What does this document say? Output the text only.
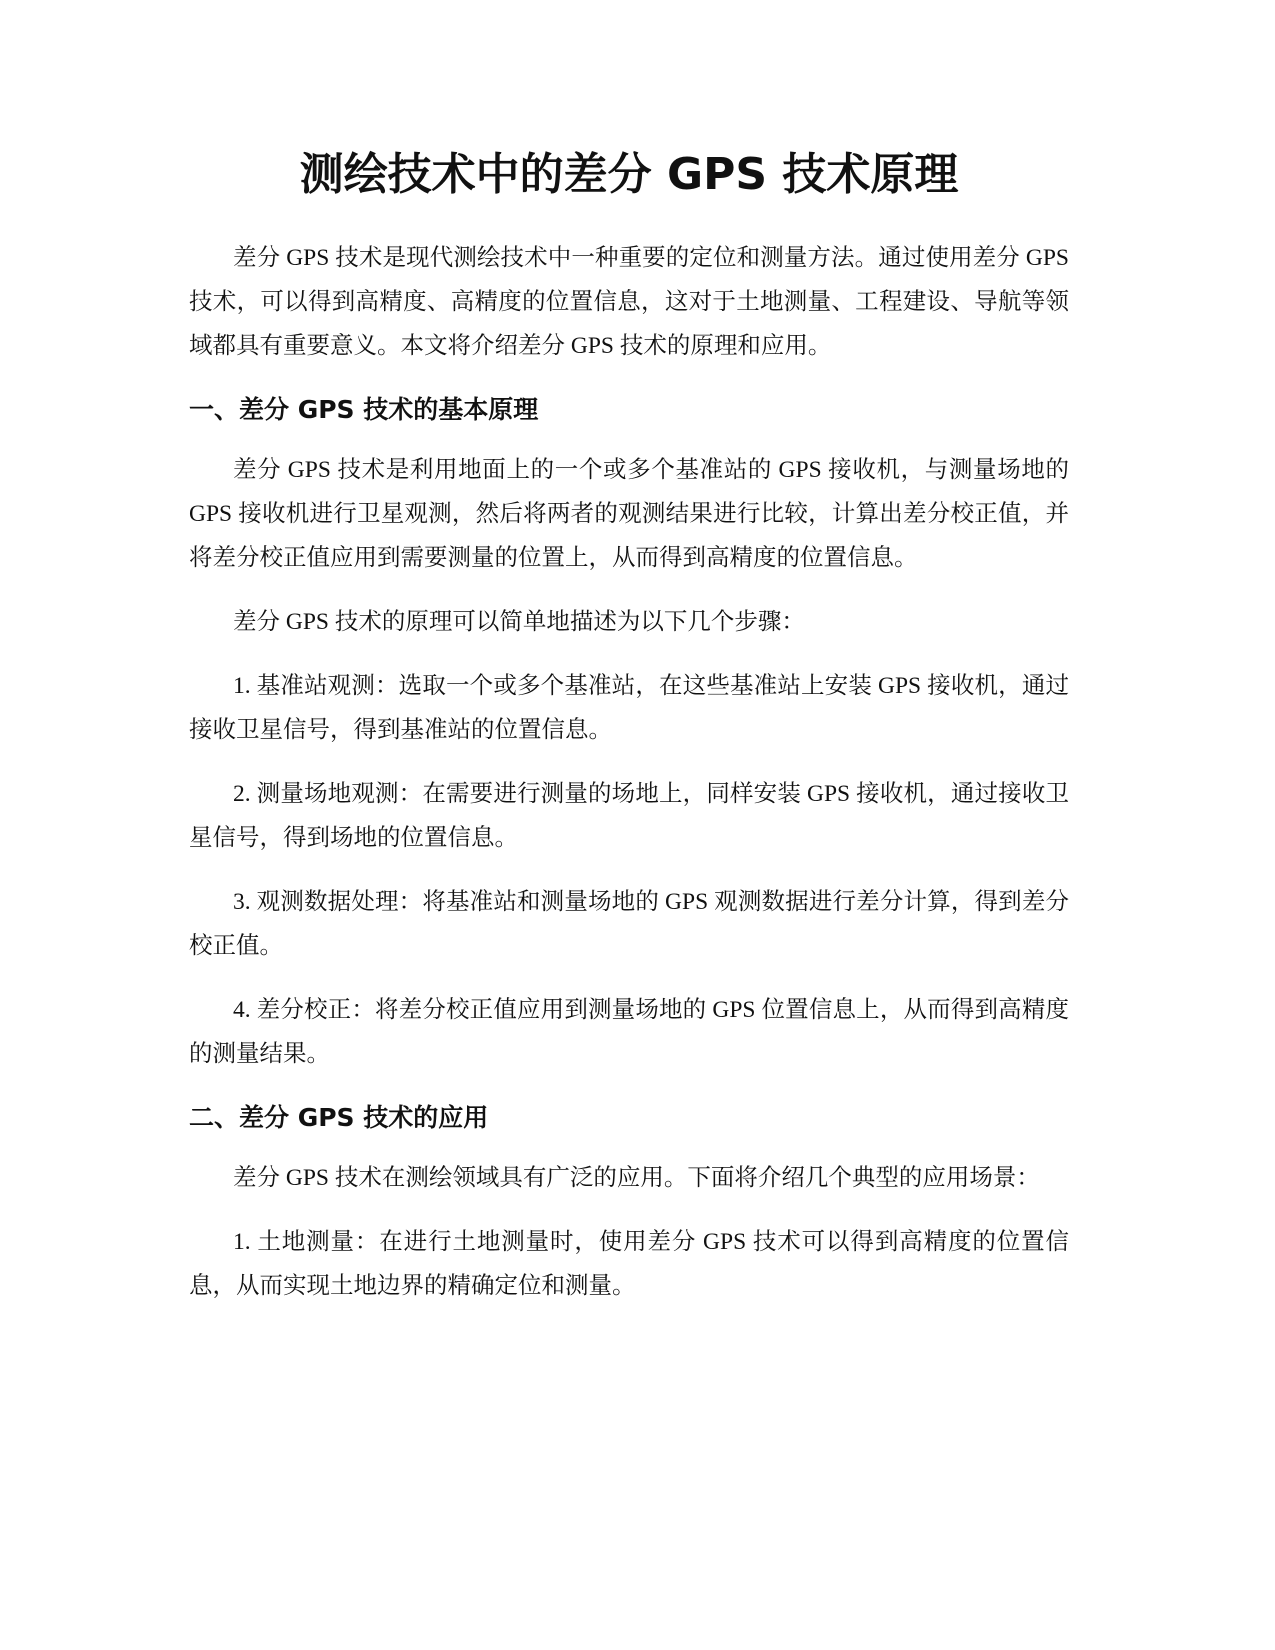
测绘技术中的差分 GPS 技术原理

差分 GPS 技术是现代测绘技术中一种重要的定位和测量方法。通过使用差分 GPS 技术，可以得到高精度、高精度的位置信息，这对于土地测量、工程建设、导航等领域都具有重要意义。本文将介绍差分 GPS 技术的原理和应用。

一、差分 GPS 技术的基本原理

差分 GPS 技术是利用地面上的一个或多个基准站的 GPS 接收机，与测量场地的 GPS 接收机进行卫星观测，然后将两者的观测结果进行比较，计算出差分校正值，并将差分校正值应用到需要测量的位置上，从而得到高精度的位置信息。

差分 GPS 技术的原理可以简单地描述为以下几个步骤：

1. 基准站观测：选取一个或多个基准站，在这些基准站上安装 GPS 接收机，通过接收卫星信号，得到基准站的位置信息。

2. 测量场地观测：在需要进行测量的场地上，同样安装 GPS 接收机，通过接收卫星信号，得到场地的位置信息。

3. 观测数据处理：将基准站和测量场地的 GPS 观测数据进行差分计算，得到差分校正值。

4. 差分校正：将差分校正值应用到测量场地的 GPS 位置信息上，从而得到高精度的测量结果。

二、差分 GPS 技术的应用

差分 GPS 技术在测绘领域具有广泛的应用。下面将介绍几个典型的应用场景：

1. 土地测量：在进行土地测量时，使用差分 GPS 技术可以得到高精度的位置信息，从而实现土地边界的精确定位和测量。
